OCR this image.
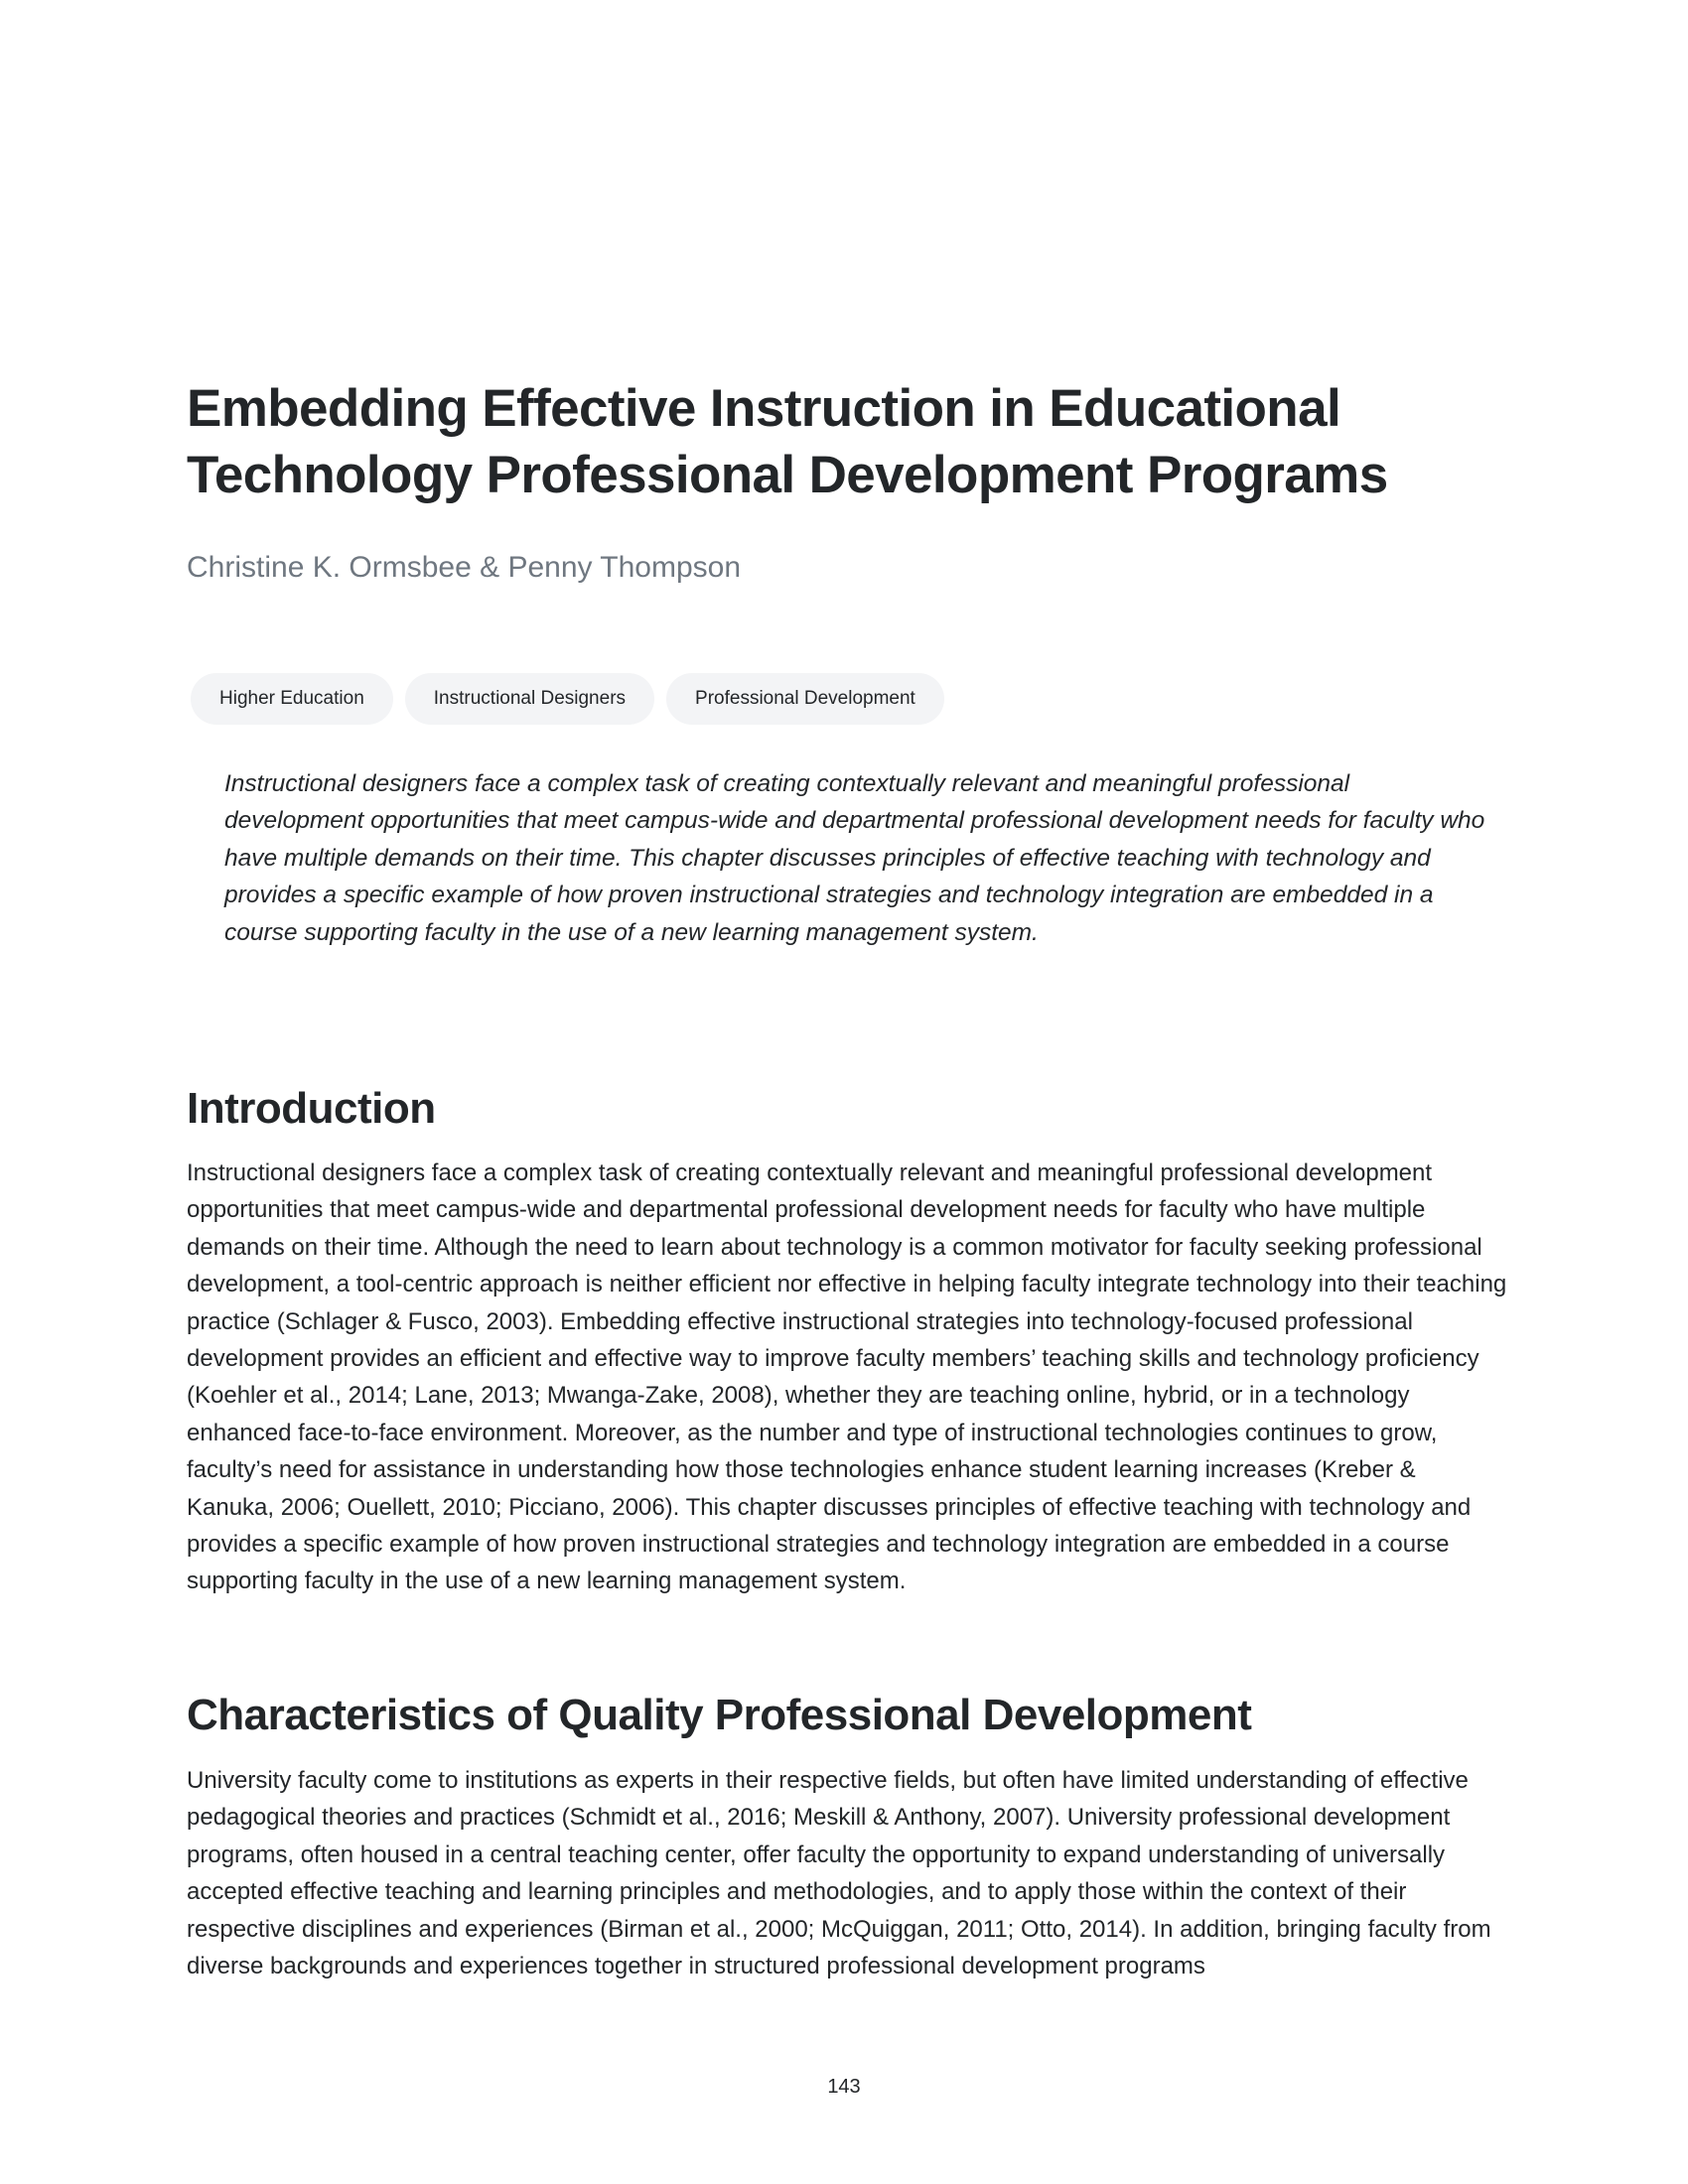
Embedding Effective Instruction in Educational Technology Professional Development Programs

Christine K. Ormsbee & Penny Thompson

Higher Education	Instructional Designers	Professional Development

Instructional designers face a complex task of creating contextually relevant and meaningful professional development opportunities that meet campus-wide and departmental professional development needs for faculty who have multiple demands on their time. This chapter discusses principles of effective teaching with technology and provides a specific example of how proven instructional strategies and technology integration are embedded in a course supporting faculty in the use of a new learning management system.

Introduction

Instructional designers face a complex task of creating contextually relevant and meaningful professional development opportunities that meet campus-wide and departmental professional development needs for faculty who have multiple demands on their time. Although the need to learn about technology is a common motivator for faculty seeking professional development, a tool-centric approach is neither efficient nor effective in helping faculty integrate technology into their teaching practice (Schlager & Fusco, 2003). Embedding effective instructional strategies into technology-focused professional development provides an efficient and effective way to improve faculty members’ teaching skills and technology proficiency (Koehler et al., 2014; Lane, 2013; Mwanga-Zake, 2008), whether they are teaching online, hybrid, or in a technology enhanced face-to-face environment. Moreover, as the number and type of instructional technologies continues to grow, faculty’s need for assistance in understanding how those technologies enhance student learning increases (Kreber & Kanuka, 2006; Ouellett, 2010; Picciano, 2006). This chapter discusses principles of effective teaching with technology and provides a specific example of how proven instructional strategies and technology integration are embedded in a course supporting faculty in the use of a new learning management system.

Characteristics of Quality Professional Development

University faculty come to institutions as experts in their respective fields, but often have limited understanding of effective pedagogical theories and practices (Schmidt et al., 2016; Meskill & Anthony, 2007). University professional development programs, often housed in a central teaching center, offer faculty the opportunity to expand understanding of universally accepted effective teaching and learning principles and methodologies, and to apply those within the context of their respective disciplines and experiences (Birman et al., 2000; McQuiggan, 2011; Otto, 2014). In addition, bringing faculty from diverse backgrounds and experiences together in structured professional development programs

143
